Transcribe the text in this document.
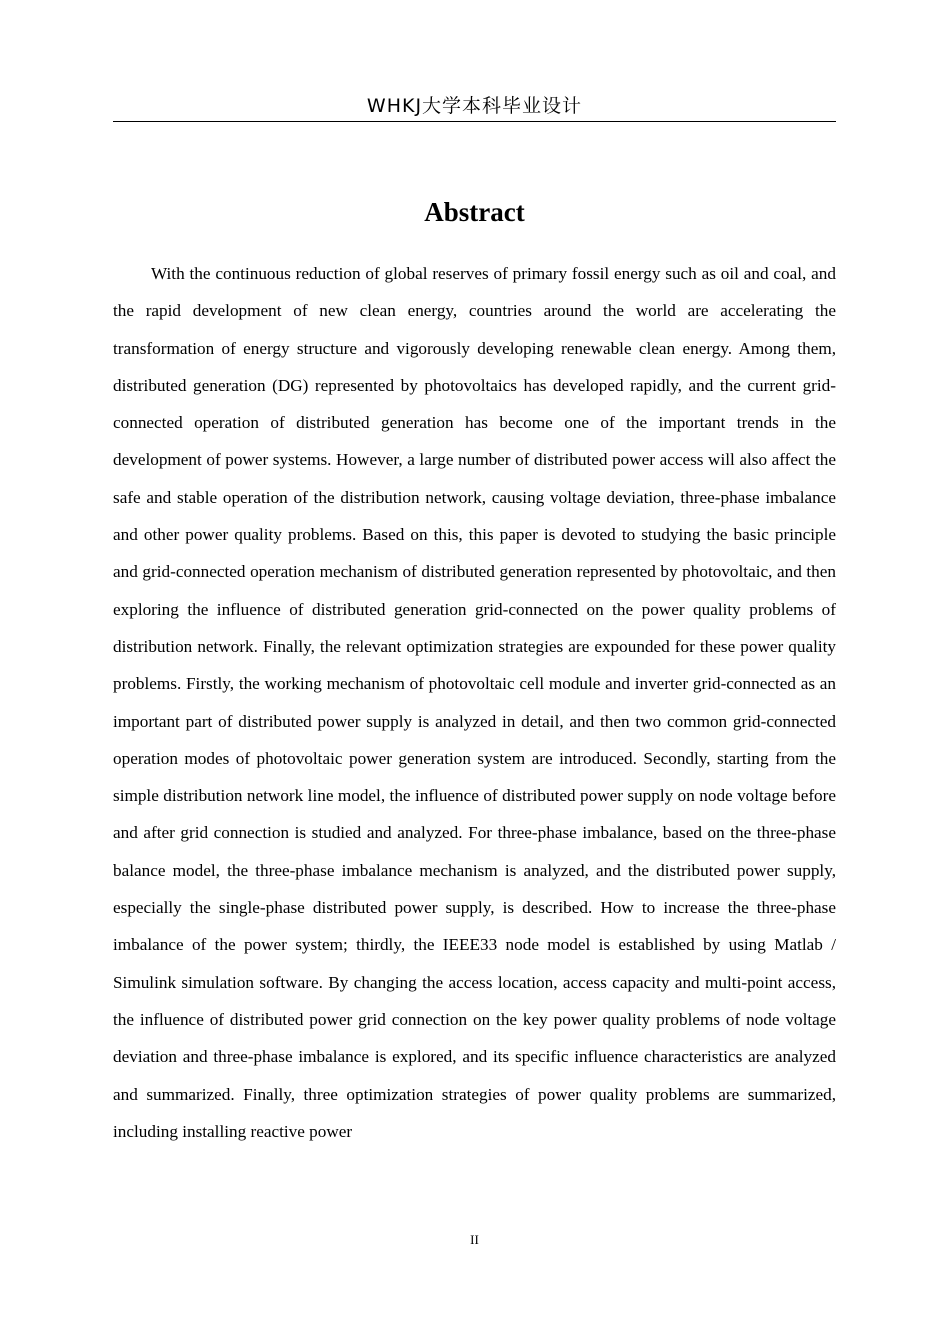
WHKJ大学本科毕业设计
Abstract

With the continuous reduction of global reserves of primary fossil energy such as oil and coal, and the rapid development of new clean energy, countries around the world are accelerating the transformation of energy structure and vigorously developing renewable clean energy. Among them, distributed generation (DG) represented by photovoltaics has developed rapidly, and the current grid-connected operation of distributed generation has become one of the important trends in the development of power systems. However, a large number of distributed power access will also affect the safe and stable operation of the distribution network, causing voltage deviation, three-phase imbalance and other power quality problems. Based on this, this paper is devoted to studying the basic principle and grid-connected operation mechanism of distributed generation represented by photovoltaic, and then exploring the influence of distributed generation grid-connected on the power quality problems of distribution network. Finally, the relevant optimization strategies are expounded for these power quality problems. Firstly, the working mechanism of photovoltaic cell module and inverter grid-connected as an important part of distributed power supply is analyzed in detail, and then two common grid-connected operation modes of photovoltaic power generation system are introduced. Secondly, starting from the simple distribution network line model, the influence of distributed power supply on node voltage before and after grid connection is studied and analyzed. For three-phase imbalance, based on the three-phase balance model, the three-phase imbalance mechanism is analyzed, and the distributed power supply, especially the single-phase distributed power supply, is described. How to increase the three-phase imbalance of the power system; thirdly, the IEEE33 node model is established by using Matlab / Simulink simulation software. By changing the access location, access capacity and multi-point access, the influence of distributed power grid connection on the key power quality problems of node voltage deviation and three-phase imbalance is explored, and its specific influence characteristics are analyzed and summarized. Finally, three optimization strategies of power quality problems are summarized, including installing reactive power

II
